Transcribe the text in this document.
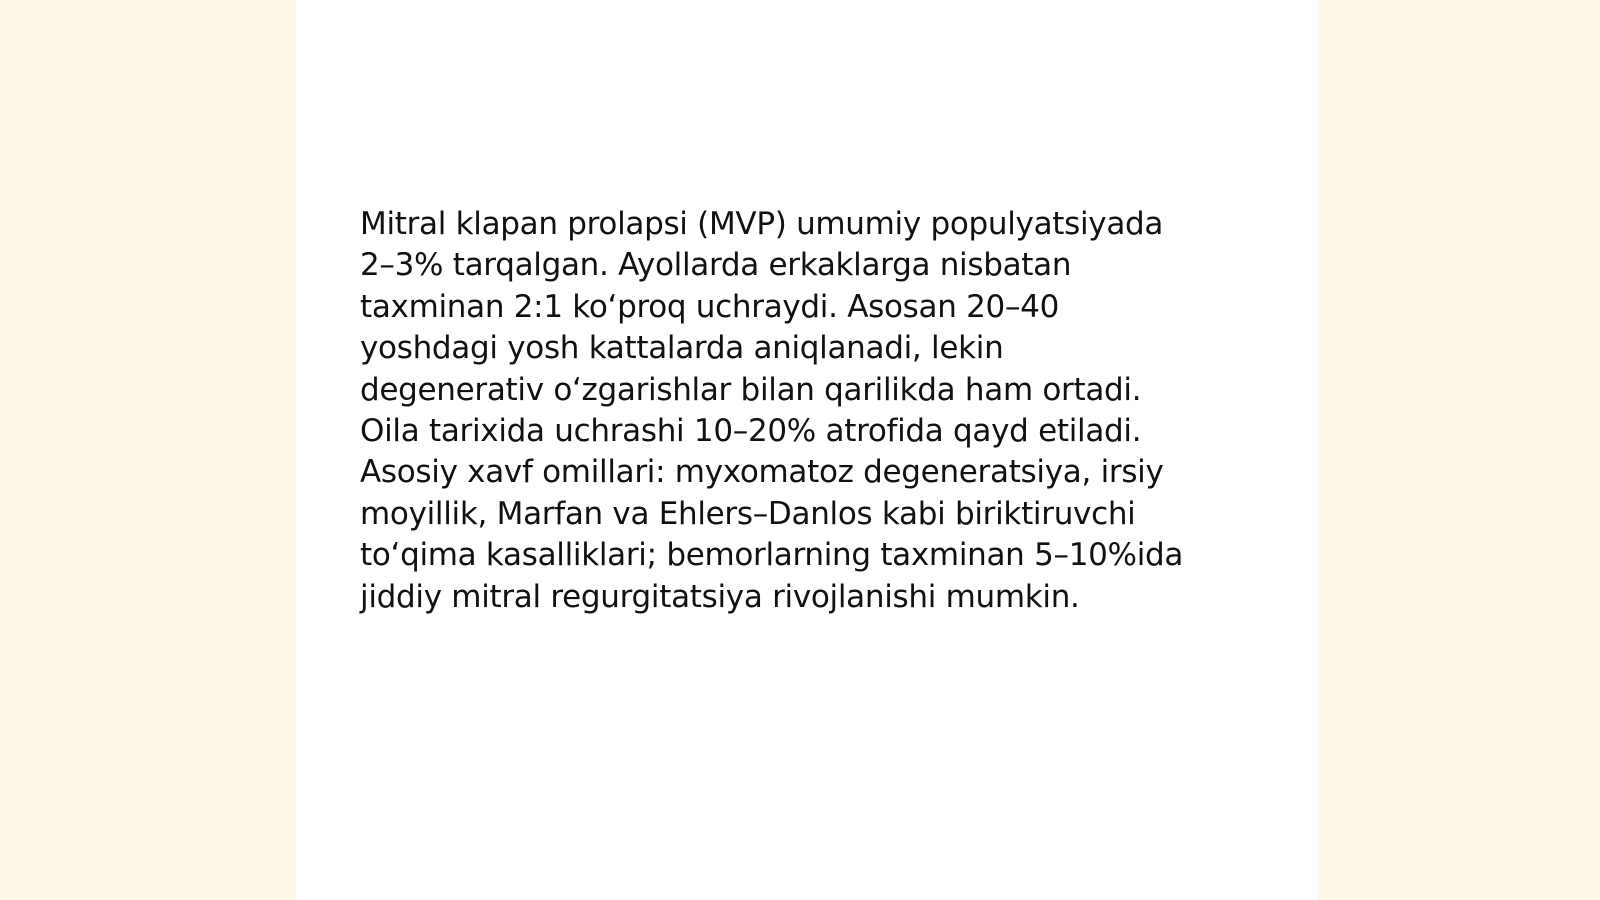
Mitral klapan prolapsi (MVP) umumiy populyatsiyada
2–3% tarqalgan. Ayollarda erkaklarga nisbatan
taxminan 2:1 koʻproq uchraydi. Asosan 20–40
yoshdagi yosh kattalarda aniqlanadi, lekin
degenerativ oʻzgarishlar bilan qarilikda ham ortadi.
Oila tarixida uchrashi 10–20% atrofida qayd etiladi.
Asosiy xavf omillari: myxomatoz degeneratsiya, irsiy
moyillik, Marfan va Ehlers–Danlos kabi biriktiruvchi
toʻqima kasalliklari; bemorlarning taxminan 5–10%ida
jiddiy mitral regurgitatsiya rivojlanishi mumkin.
